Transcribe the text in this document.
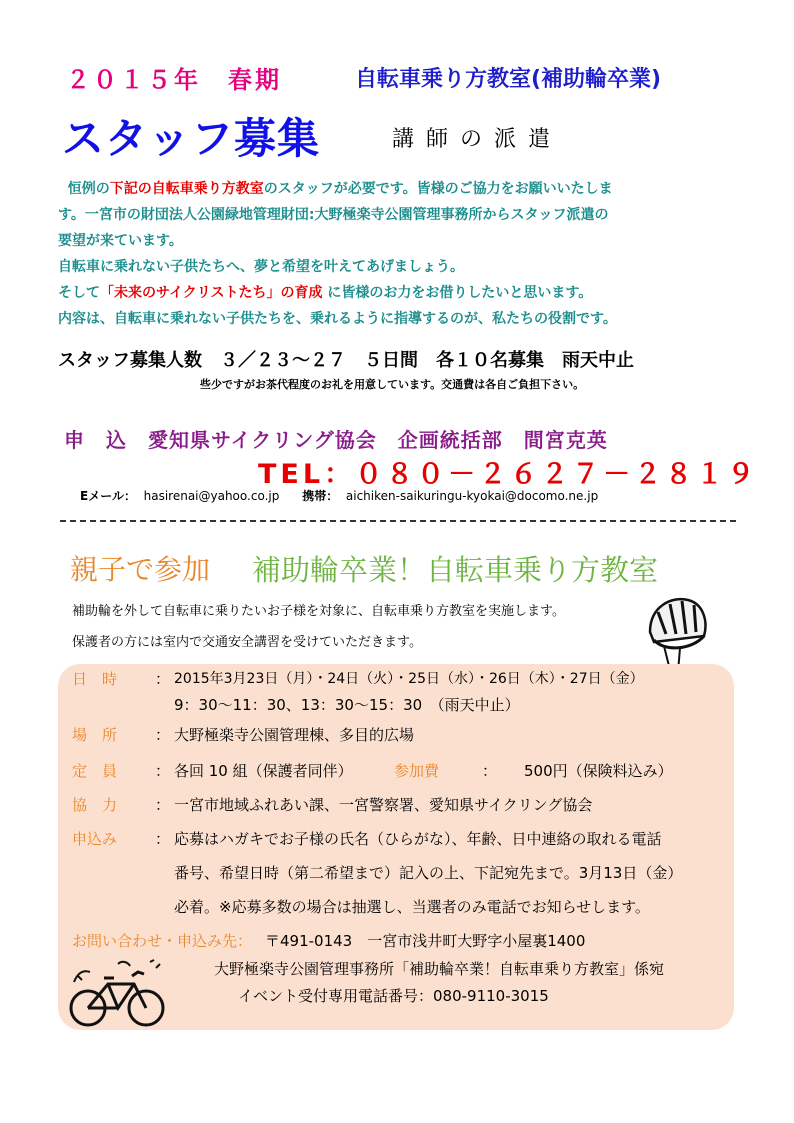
２０１５年　春期	自転車乗り方教室(補助輪卒業)
スタッフ募集	講師の派遣
恒例の下記の自転車乗り方教室のスタッフが必要です。皆様のご協力をお願いいたしま
す。一宮市の財団法人公園緑地管理財団:大野極楽寺公園管理事務所からスタッフ派遣の
要望が来ています。
自転車に乗れない子供たちへ、夢と希望を叶えてあげましょう。
そして「未来のサイクリストたち」の育成 に皆様のお力をお借りしたいと思います。
内容は、自転車に乗れない子供たちを、乗れるように指導するのが、私たちの役割です。
スタッフ募集人数　３／２３～２７　５日間　各１０名募集　雨天中止
些少ですがお茶代程度のお礼を用意しています。交通費は各自ご負担下さい。
申　込　愛知県サイクリング協会　企画統括部　間宮克英
TEL：０８０－２６２７－２８１９
Eメール： hasirenai@yahoo.co.jp 携帯： aichiken-saikuringu-kyokai@docomo.ne.jp
親子で参加 補助輪卒業！自転車乗り方教室
補助輪を外して自転車に乗りたいお子様を対象に、自転車乗り方教室を実施します。
保護者の方には室内で交通安全講習を受けていただきます。
日　時	： 2015年3月23日（月）・24日（火）・25日（水）・26日（木）・27日（金）
9：30～11：30、13：30～15：30　（雨天中止）
場　所	： 大野極楽寺公園管理棟、多目的広場
定　員	： 各回 10 組（保護者同伴）	参加費	： 500円（保険料込み）
協　力	： 一宮市地域ふれあい課、一宮警察署、愛知県サイクリング協会
申込み	： 応募はハガキでお子様の氏名（ひらがな）、年齢、日中連絡の取れる電話
番号、希望日時（第二希望まで）記入の上、下記宛先まで。3月13日（金）
必着。※応募多数の場合は抽選し、当選者のみ電話でお知らせします。
お問い合わせ・申込み先： 〒491-0143　一宮市浅井町大野字小屋裏1400
大野極楽寺公園管理事務所「補助輪卒業！自転車乗り方教室」係宛
イベント受付専用電話番号：080-9110-3015
